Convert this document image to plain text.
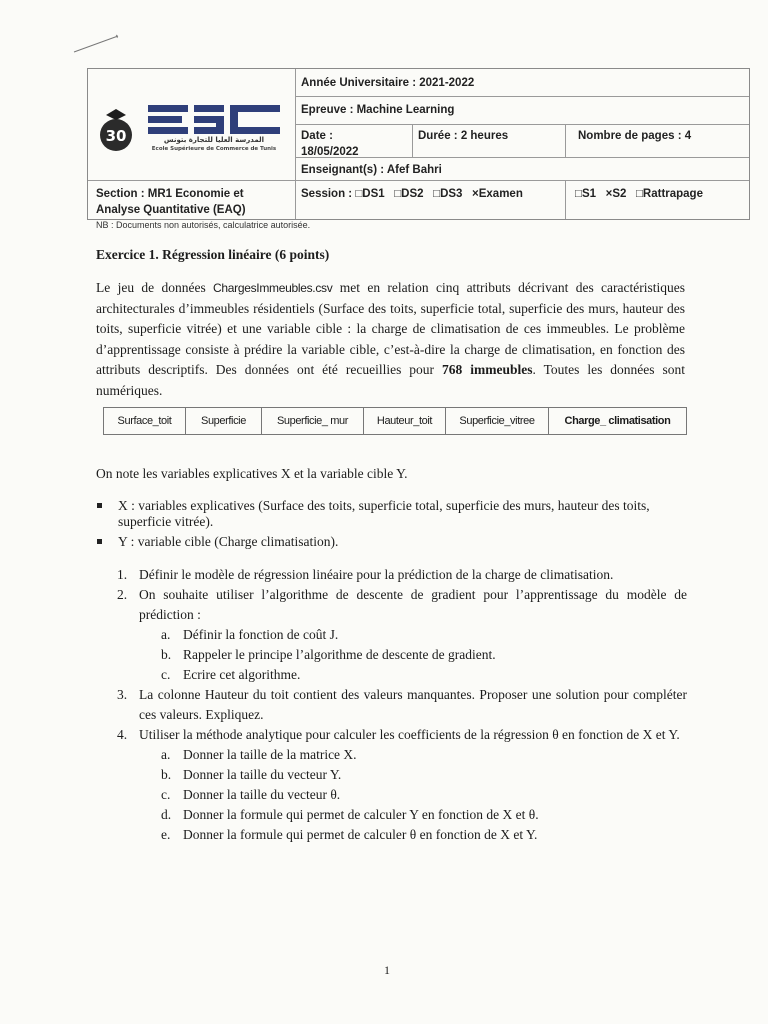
30	المدرسة العليا للتجارة بتونس
Ecole Supérieure de Commerce de Tunis
Année Universitaire : 2021-2022
Epreuve : Machine Learning
Date :
18/05/2022
Durée : 2 heures	Nombre de pages : 4
Enseignant(s) : Afef Bahri
Section : MR1 Economie et
Analyse Quantitative (EAQ)
Session : □DS1   □DS2   □DS3   ×Examen	□S1   ×S2   □Rattrapage
NB : Documents non autorisés, calculatrice autorisée.
Exercice 1. Régression linéaire (6 points)
Le jeu de données ChargesImmeubles.csv met en relation cinq attributs décrivant des caractéristiques architecturales d’immeubles résidentiels (Surface des toits, superficie total, superficie des murs, hauteur des toits, superficie vitrée) et une variable cible : la charge de climatisation de ces immeubles. Le problème d’apprentissage consiste à prédire la variable cible, c’est-à-dire la charge de climatisation, en fonction des attributs descriptifs. Des données ont été recueillies pour 768 immeubles. Toutes les données sont numériques.
Surface_toit	Superficie	Superficie_ mur	Hauteur_toit	Superficie_vitree	Charge_ climatisation
On note les variables explicatives X et la variable cible Y.
X : variables explicatives (Surface des toits, superficie total, superficie des murs, hauteur des toits, superficie vitrée).
Y : variable cible (Charge climatisation).
1. Définir le modèle de régression linéaire pour la prédiction de la charge de climatisation.
2. On souhaite utiliser l’algorithme de descente de gradient pour l’apprentissage du modèle de prédiction :
a. Définir la fonction de coût J.
b. Rappeler le principe l’algorithme de descente de gradient.
c. Ecrire cet algorithme.
3. La colonne Hauteur du toit contient des valeurs manquantes. Proposer une solution pour compléter ces valeurs. Expliquez.
4. Utiliser la méthode analytique pour calculer les coefficients de la régression θ en fonction de X et Y.
a. Donner la taille de la matrice X.
b. Donner la taille du vecteur Y.
c. Donner la taille du vecteur θ.
d. Donner la formule qui permet de calculer Y en fonction de X et θ.
e. Donner la formule qui permet de calculer θ en fonction de X et Y.
1
